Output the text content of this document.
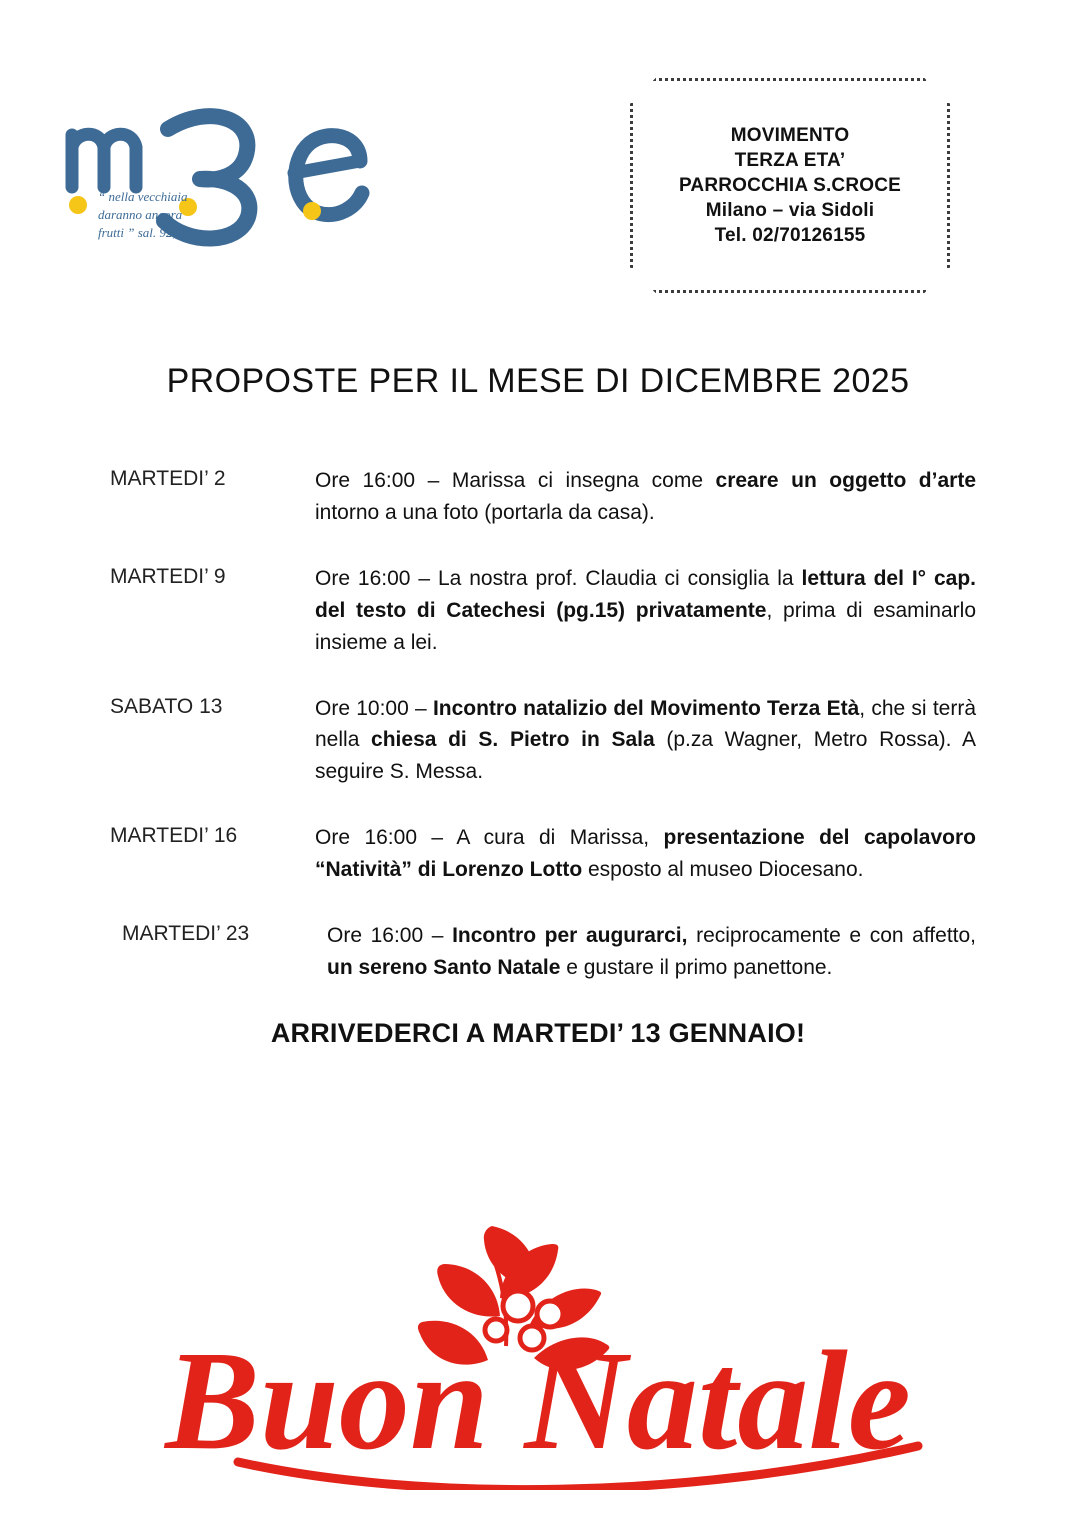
“ nella vecchiaia
daranno ancora
frutti ” sal. 92,15
MOVIMENTO
TERZA ETA’
PARROCCHIA S.CROCE
Milano – via Sidoli
Tel. 02/70126155
PROPOSTE PER IL MESE DI DICEMBRE 2025
MARTEDI’ 2	Ore 16:00 – Marissa ci insegna come creare un oggetto d’arte intorno a una foto (portarla da casa).
MARTEDI’ 9	Ore 16:00 – La nostra prof. Claudia ci consiglia la lettura del I° cap. del testo di Catechesi (pg.15) privatamente, prima di esaminarlo insieme a lei.
SABATO 13	Ore 10:00 – Incontro natalizio del Movimento Terza Età, che si terrà nella chiesa di S. Pietro in Sala (p.za Wagner, Metro Rossa). A seguire S. Messa.
MARTEDI’ 16	Ore 16:00 – A cura di Marissa, presentazione del capolavoro “Natività” di Lorenzo Lotto esposto al museo Diocesano.
MARTEDI’ 23	Ore 16:00 – Incontro per augurarci, reciprocamente e con affetto, un sereno Santo Natale e gustare il primo panettone.
ARRIVEDERCI A MARTEDI’ 13 GENNAIO!
Buon Natale
